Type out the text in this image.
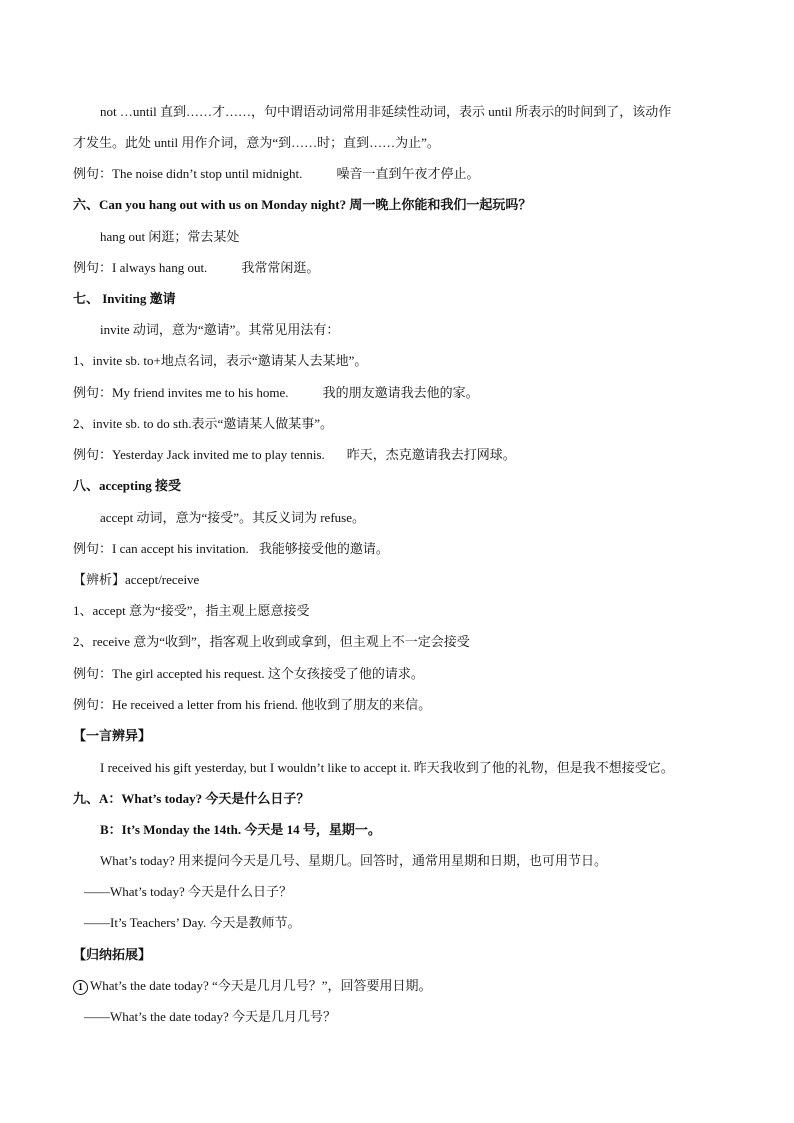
not …until 直到……才……，句中谓语动词常用非延续性动词，表示 until 所表示的时间到了，该动作
才发生。此处 until 用作介词，意为“到……时；直到……为止”。
例句：The noise didn’t stop until midnight.	噪音一直到午夜才停止。
六、Can you hang out with us on Monday night? 周一晚上你能和我们一起玩吗？
hang out 闲逛；常去某处
例句：I always hang out.	我常常闲逛。
七、 Inviting 邀请
invite 动词，意为“邀请”。其常见用法有：
1、invite sb. to+地点名词，表示“邀请某人去某地”。
例句：My friend invites me to his home.	我的朋友邀请我去他的家。
2、invite sb. to do sth.表示“邀请某人做某事”。
例句：Yesterday Jack invited me to play tennis. 昨天，杰克邀请我去打网球。
八、accepting 接受
accept 动词，意为“接受”。其反义词为 refuse。
例句：I can accept his invitation. 我能够接受他的邀请。
【辨析】accept/receive
1、accept 意为“接受”，指主观上愿意接受
2、receive 意为“收到”，指客观上收到或拿到，但主观上不一定会接受
例句：The girl accepted his request. 这个女孩接受了他的请求。
例句：He received a letter from his friend. 他收到了朋友的来信。
【一言辨异】
I received his gift yesterday, but I wouldn’t like to accept it. 昨天我收到了他的礼物，但是我不想接受它。
九、A：What’s today? 今天是什么日子？
B：It’s Monday the 14th. 今天是 14 号，星期一。
What’s today? 用来提问今天是几号、星期几。回答时，通常用星期和日期，也可用节日。
——What’s today? 今天是什么日子？
——It’s Teachers’ Day. 今天是教师节。
【归纳拓展】
1 What’s the date today? “今天是几月几号？”，回答要用日期。
——What’s the date today? 今天是几月几号？
